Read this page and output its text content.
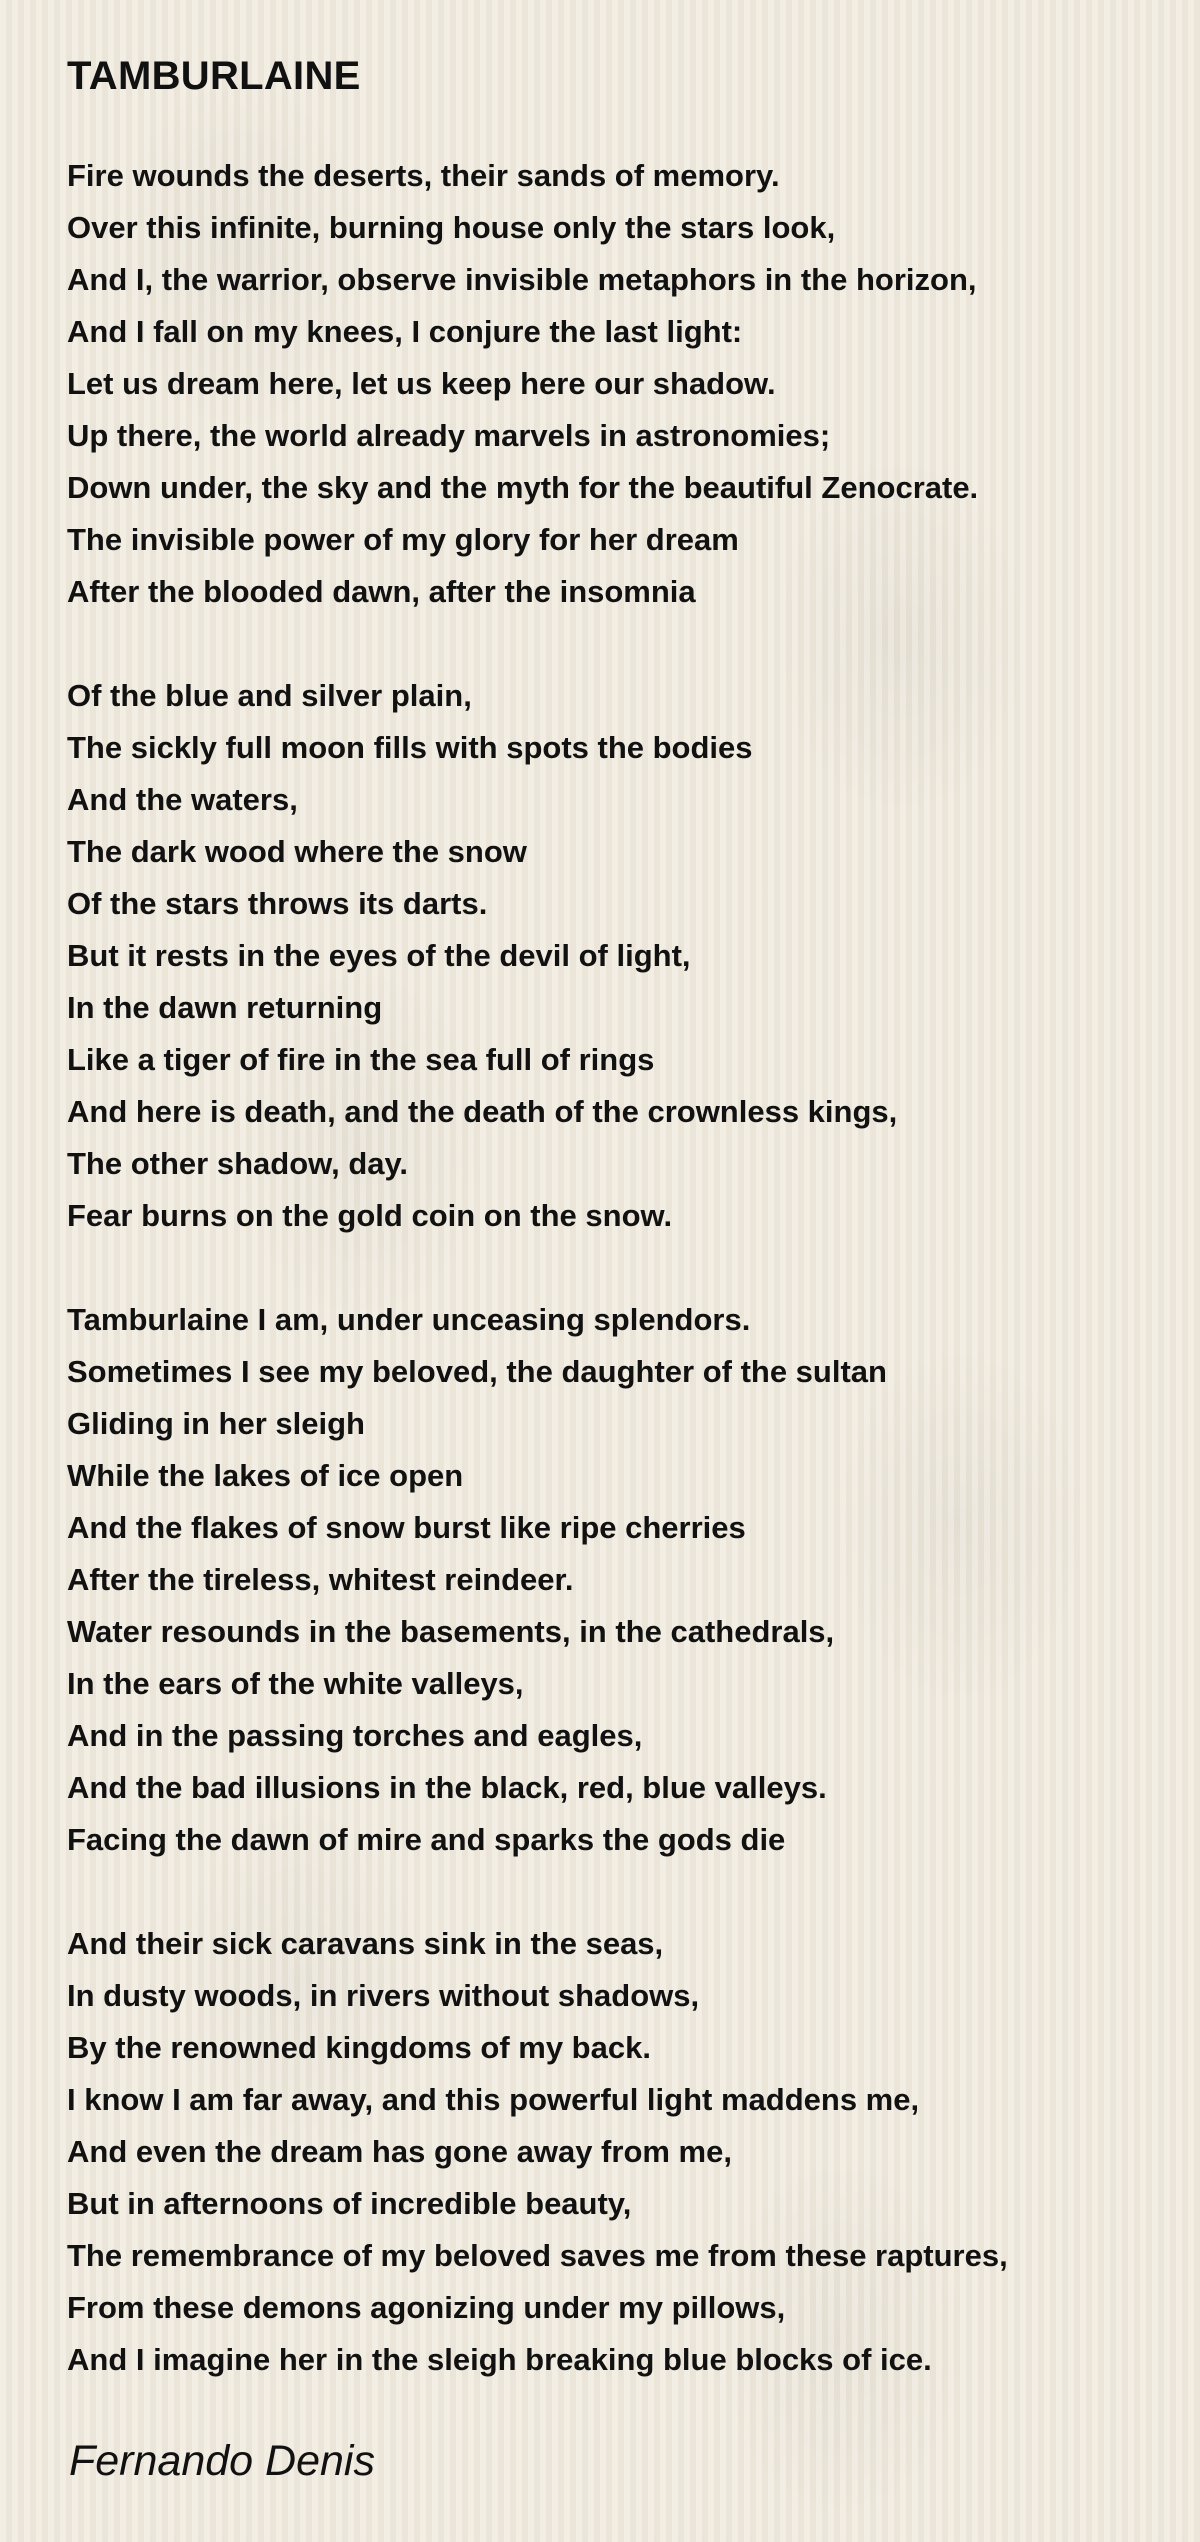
TAMBURLAINE
Fire wounds the deserts, their sands of memory.
Over this infinite, burning house only the stars look,
And I, the warrior, observe invisible metaphors in the horizon,
And I fall on my knees, I conjure the last light:
Let us dream here, let us keep here our shadow.
Up there, the world already marvels in astronomies;
Down under, the sky and the myth for the beautiful Zenocrate.
The invisible power of my glory for her dream
After the blooded dawn, after the insomnia
Of the blue and silver plain,
The sickly full moon fills with spots the bodies
And the waters,
The dark wood where the snow
Of the stars throws its darts.
But it rests in the eyes of the devil of light,
In the dawn returning
Like a tiger of fire in the sea full of rings
And here is death, and the death of the crownless kings,
The other shadow, day.
Fear burns on the gold coin on the snow.
Tamburlaine I am, under unceasing splendors.
Sometimes I see my beloved, the daughter of the sultan
Gliding in her sleigh
While the lakes of ice open
And the flakes of snow burst like ripe cherries
After the tireless, whitest reindeer.
Water resounds in the basements, in the cathedrals,
In the ears of the white valleys,
And in the passing torches and eagles,
And the bad illusions in the black, red, blue valleys.
Facing the dawn of mire and sparks the gods die
And their sick caravans sink in the seas,
In dusty woods, in rivers without shadows,
By the renowned kingdoms of my back.
I know I am far away, and this powerful light maddens me,
And even the dream has gone away from me,
But in afternoons of incredible beauty,
The remembrance of my beloved saves me from these raptures,
From these demons agonizing under my pillows,
And I imagine her in the sleigh breaking blue blocks of ice.
Fernando Denis
